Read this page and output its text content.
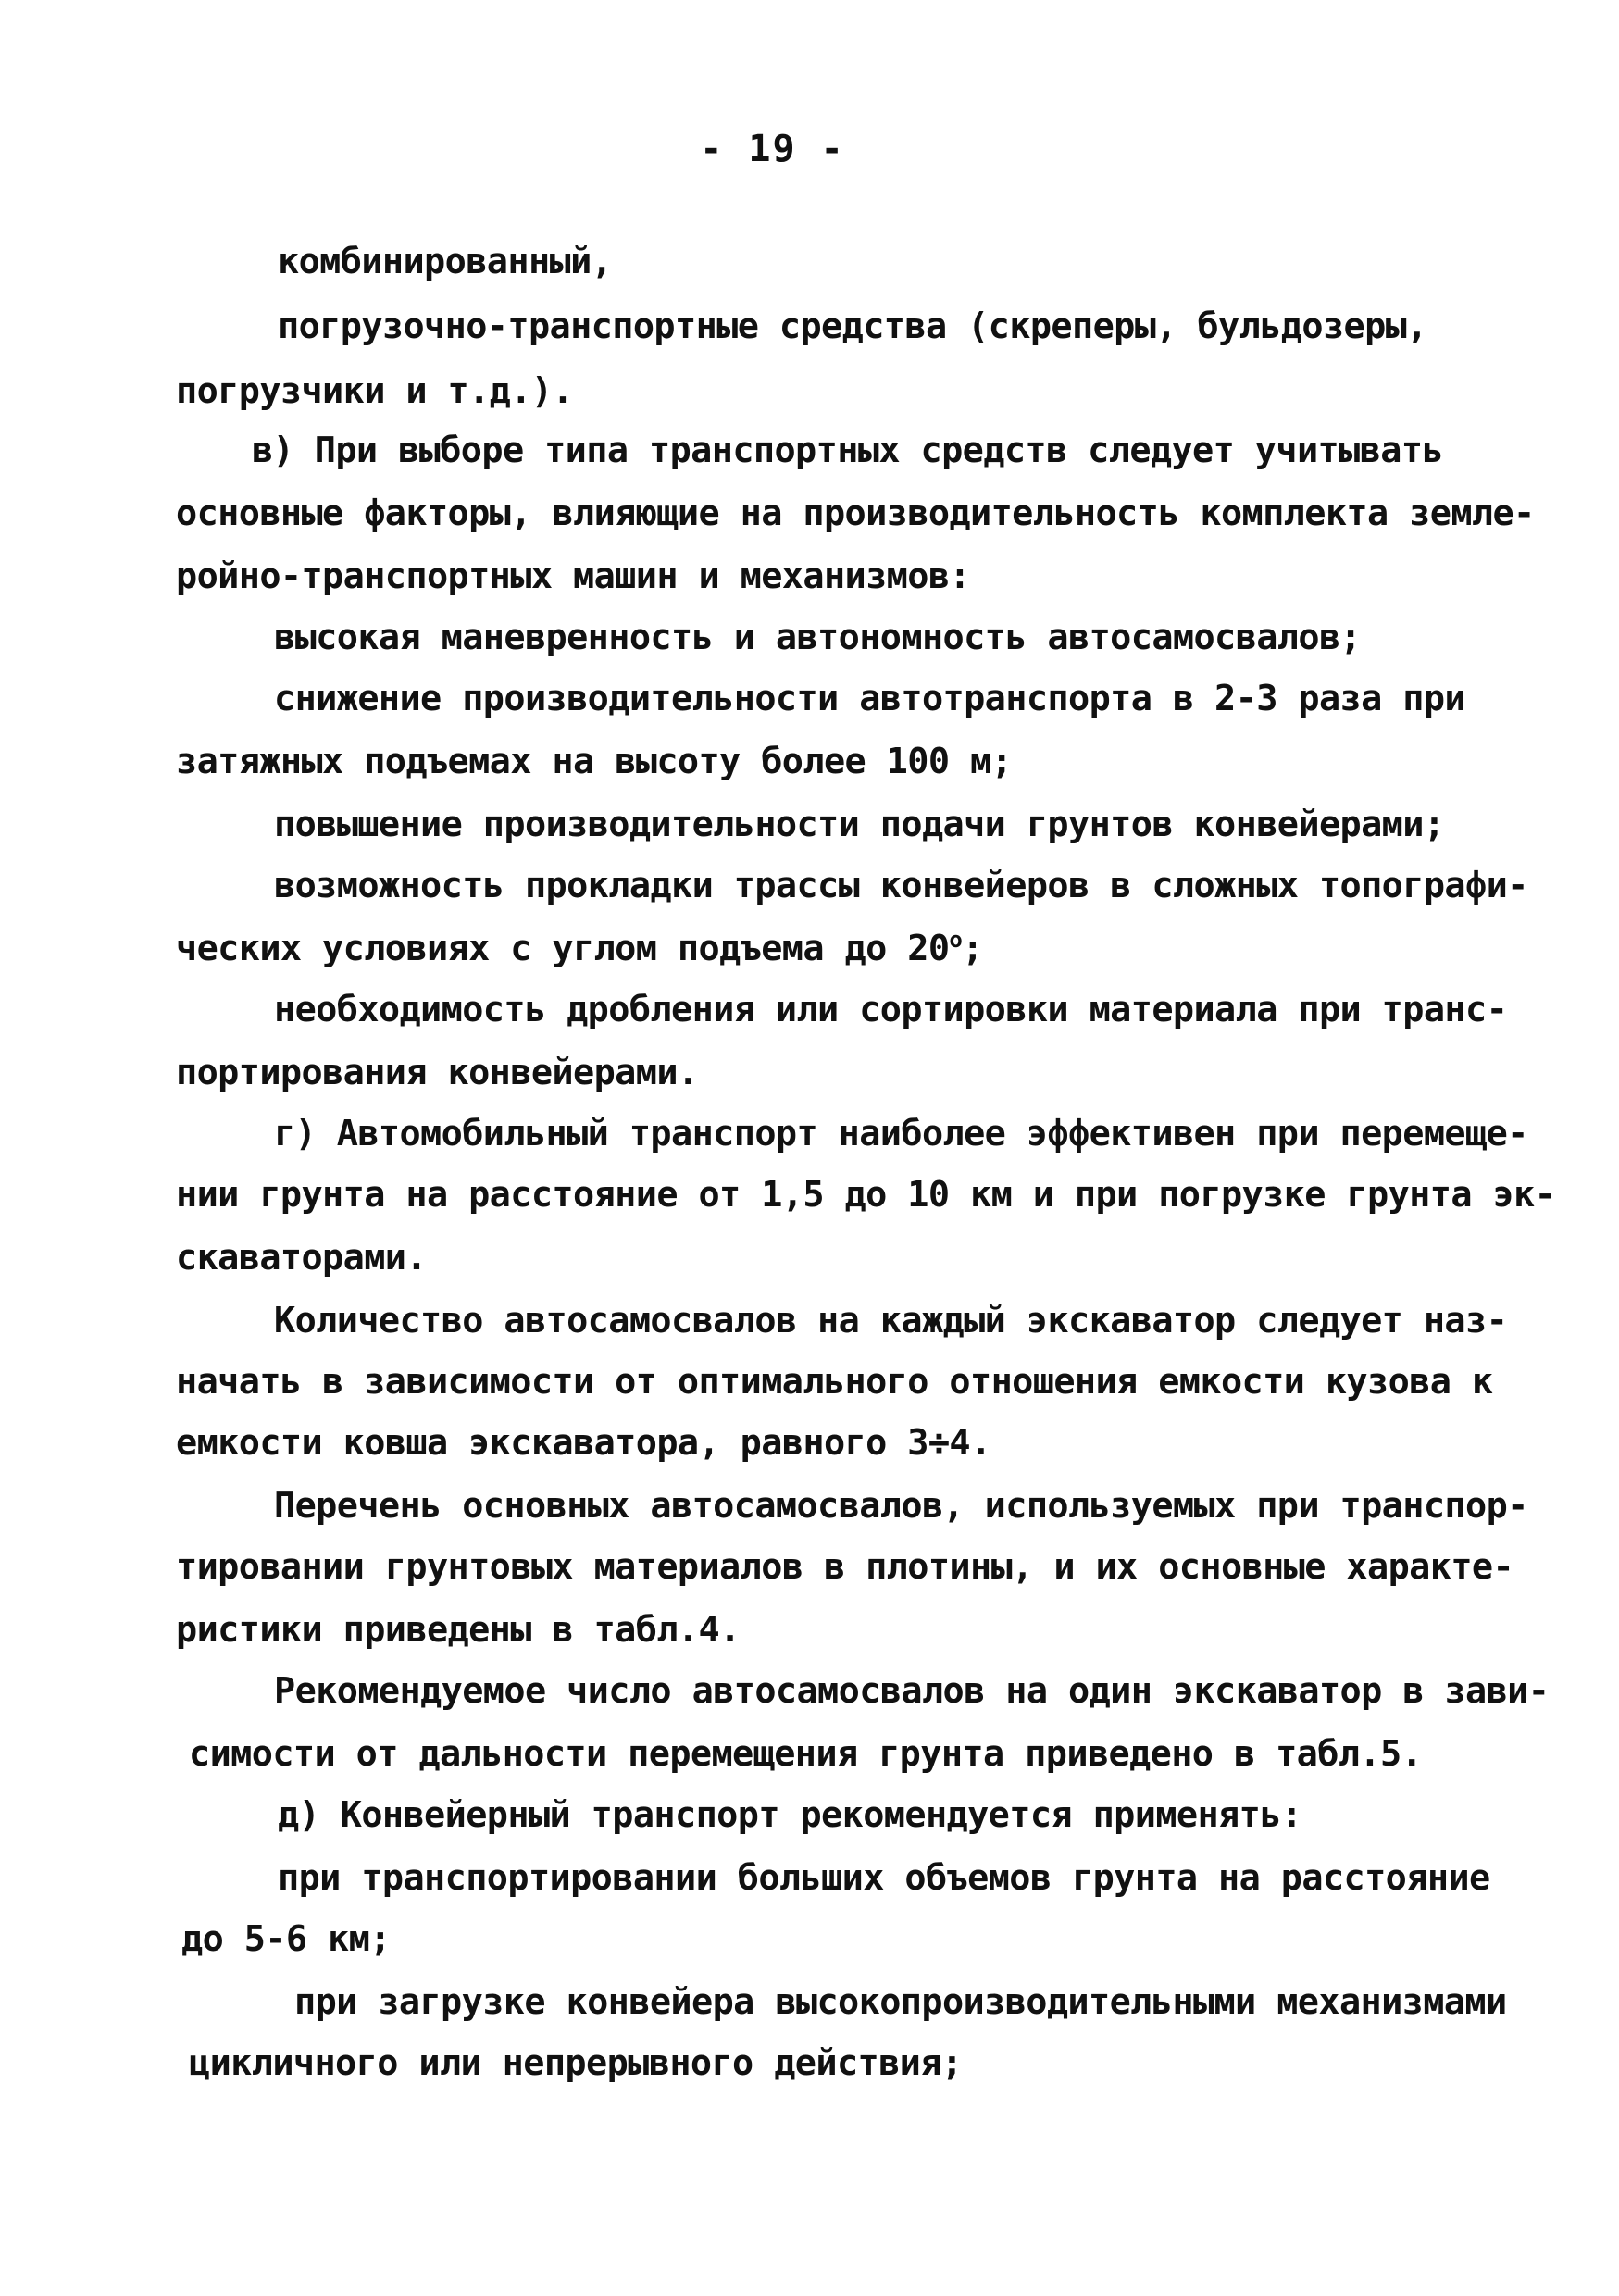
- 19 -
комбинированный,
погрузочно-транспортные средства (скреперы, бульдозеры,
погрузчики и т.д.).
в) При выборе типа транспортных средств следует учитывать
основные факторы, влияющие на производительность комплекта земле-
ройно-транспортных машин и механизмов:
высокая маневренность и автономность автосамосвалов;
снижение производительности автотранспорта в 2-3 раза при
затяжных подъемах на высоту более 100 м;
повышение производительности подачи грунтов конвейерами;
возможность прокладки трассы конвейеров в сложных топографи-
ческих условиях с углом подъема до $20^о$;
необходимость дробления или сортировки материала при транс-
портирования конвейерами.
г) Автомобильный транспорт наиболее эффективен при перемеще-
нии грунта на расстояние от 1,5 до 10 км и при погрузке грунта эк-
скаваторами.
Количество автосамосвалов на каждый экскаватор следует наз-
начать в зависимости от оптимального отношения емкости кузова к
емкости ковша экскаватора, равного 3÷4.
Перечень основных автосамосвалов, используемых при транспор-
тировании грунтовых материалов в плотины, и их основные характе-
ристики приведены в табл.4.
Рекомендуемое число автосамосвалов на один экскаватор в зави-
симости от дальности перемещения грунта приведено в табл.5.
д) Конвейерный транспорт рекомендуется применять:
при транспортировании больших объемов грунта на расстояние
до 5-6 км;
при загрузке конвейера высокопроизводительными механизмами
цикличного или непрерывного действия;
